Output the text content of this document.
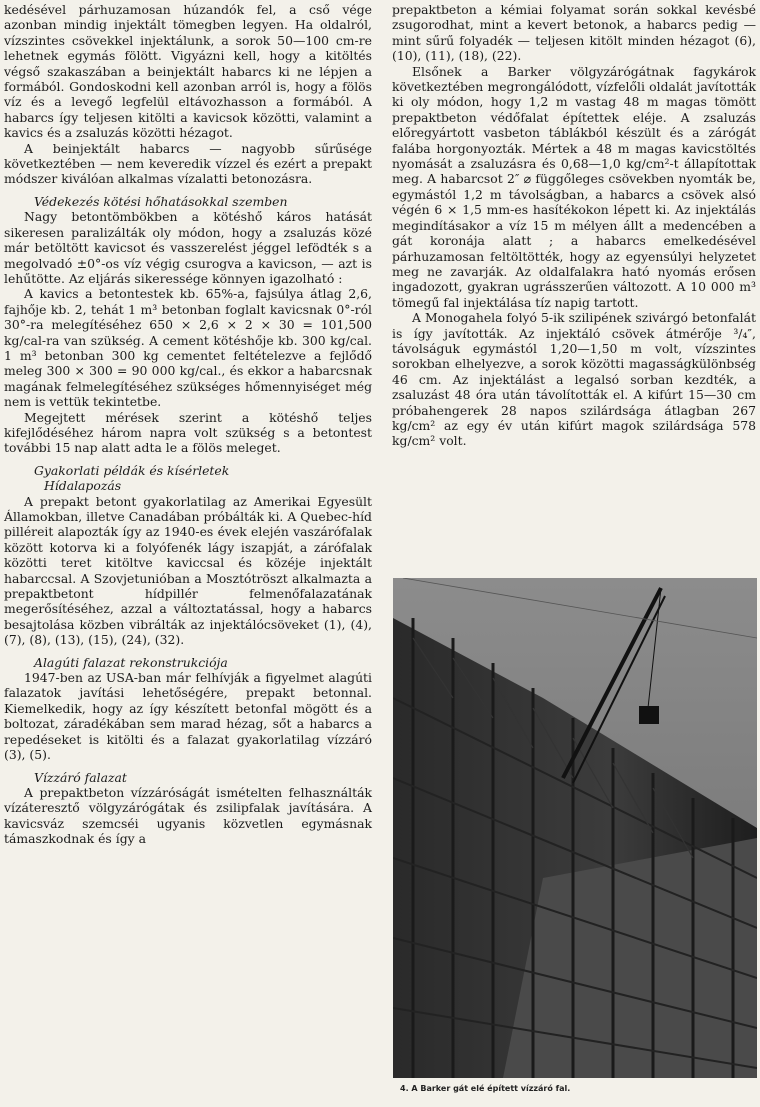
kedésével párhuzamosan húzandók fel, a cső vége azonban mindig injektált tömegben legyen. Ha oldalról, vízszintes csövekkel injektálunk, a sorok 50—100 cm-re lehetnek egymás fölött. Vigyázni kell, hogy a kitöltés végső szakaszában a beinjektált habarcs ki ne lépjen a formából. Gondoskodni kell azonban arról is, hogy a fölös víz és a levegő legfelül eltávozhasson a formából. A habarcs így teljesen kitölti a kavicsok közötti, valamint a kavics és a zsaluzás közötti hézagot.

A beinjektált habarcs — nagyobb sűrűsége következtében — nem keveredik vízzel és ezért a prepakt módszer kiválóan alkalmas vízalatti betonozásra.

Védekezés kötési hőhatásokkal szemben

Nagy betontömbökben a kötéshő káros hatását sikeresen paralizálták oly módon, hogy a zsaluzás közé már betöltött kavicsot és vasszerelést jéggel lefödték s a megolvadó ±0°-os víz végig csurogva a kavicson, — azt is lehűtötte. Az eljárás sikeressége könnyen igazolható :

A kavics a betontestek kb. 65%-a, fajsúlya átlag 2,6, fajhője kb. 2, tehát 1 m³ betonban foglalt kavicsnak 0°-ról 30°-ra melegítéséhez 650 × 2,6 × 2 × 30 = 101,500 kg/cal-ra van szükség. A cement kötéshője kb. 300 kg/cal. 1 m³ betonban 300 kg cementet feltételezve a fejlődő meleg 300 × 300 = 90 000 kg/cal., és ekkor a habarcsnak magának felmelegítéséhez szükséges hőmennyiséget még nem is vettük tekintetbe.

Megejtett mérések szerint a kötéshő teljes kifejlődéséhez három napra volt szükség s a betontest további 15 nap alatt adta le a fölös meleget.

Gyakorlati példák és kísérletek
Hídalapozás

A prepakt betont gyakorlatilag az Amerikai Egyesült Államokban, illetve Canadában próbálták ki. A Quebec-híd pilléreit alapozták így az 1940-es évek elején vaszárófalak között kotorva ki a folyófenék lágy iszapját, a zárófalak közötti teret kitöltve kaviccsal és közéje injektált habarccsal. A Szovjetunióban a Mosztótröszt alkalmazta a prepaktbetont hídpillér felmenőfalazatának megerősítéséhez, azzal a változtatással, hogy a habarcs besajtolása közben vibrálták az injektálócsöveket (1), (4), (7), (8), (13), (15), (24), (32).

Alagúti falazat rekonstrukciója

1947-ben az USA-ban már felhívják a figyelmet alagúti falazatok javítási lehetőségére, prepakt betonnal. Kiemelkedik, hogy az így készített betonfal mögött és a boltozat, záradékában sem marad hézag, sőt a habarcs a repedéseket is kitölti és a falazat gyakorlatilag vízzáró (3), (5).

Vízzáró falazat

A prepaktbeton vízzáróságát ismételten felhasználták vízáteresztő völgyzárógátak és zsilipfalak javítására. A kavicsváz szemcséi ugyanis közvetlen egymásnak támaszkodnak és így a

prepaktbeton a kémiai folyamat során sokkal kevésbé zsugorodhat, mint a kevert betonok, a habarcs pedig — mint sűrű folyadék — teljesen kitölt minden hézagot (6), (10), (11), (18), (22).

Elsőnek a Barker völgyzárógátnak fagykárok következtében megrongálódott, vízfelőli oldalát javították ki oly módon, hogy 1,2 m vastag 48 m magas tömött prepaktbeton védőfalat építettek eléje. A zsaluzás előregyártott vasbeton táblákból készült és a zárógát falába horgonyozták. Mértek a 48 m magas kavicstöltés nyomását a zsaluzásra és 0,68—1,0 kg/cm²-t állapítottak meg. A habarcsot 2″ ⌀ függőleges csövekben nyomták be, egymástól 1,2 m távolságban, a habarcs a csövek alsó végén 6 × 1,5 mm-es hasítékokon lépett ki. Az injektálás megindításakor a víz 15 m mélyen állt a medencében a gát koronája alatt ; a habarcs emelkedésével párhuzamosan feltöltötték, hogy az egyensúlyi helyzetet meg ne zavarják. Az oldalfalakra ható nyomás erősen ingadozott, gyakran ugrásszerűen változott. A 10 000 m³ tömegű fal injektálása tíz napig tartott.

A Monogahela folyó 5-ik szilipének szivárgó betonfalát is így javították. Az injektáló csövek átmérője ³/₄″, távolságuk egymástól 1,20—1,50 m volt, vízszintes sorokban elhelyezve, a sorok közötti magasságkülönbség 46 cm. Az injektálást a legalsó sorban kezdték, a zsaluzást 48 óra után távolították el. A kifúrt 15—30 cm próbahengerek 28 napos szilárdsága átlagban 267 kg/cm² az egy év után kifúrt magok szilárdsága 578 kg/cm² volt.

4. A Barker gát elé épített vízzáró fal.
